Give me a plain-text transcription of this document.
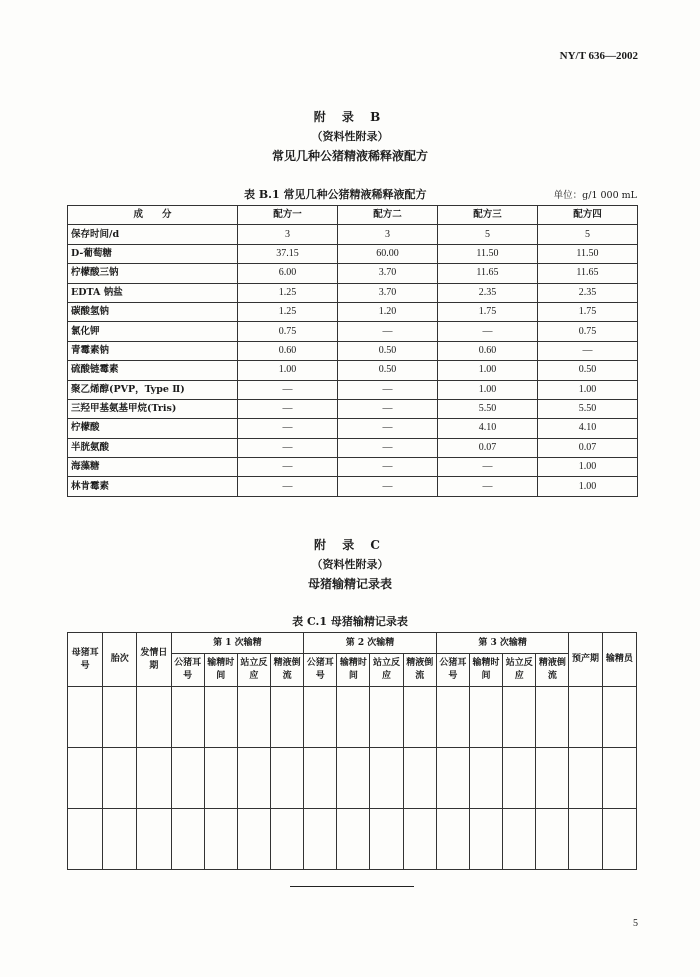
NY/T 636—2002
附 录 B
（资料性附录）
常见几种公猪精液稀释液配方
表 B.1 常见几种公猪精液稀释液配方	单位：g/1 000 mL
成　　分	配方一	配方二	配方三	配方四
保存时间/d	3	3	5	5
D-葡萄糖	37.15	60.00	11.50	11.50
柠檬酸三钠	6.00	3.70	11.65	11.65
EDTA 钠盐	1.25	3.70	2.35	2.35
碳酸氢钠	1.25	1.20	1.75	1.75
氯化钾	0.75	—	—	0.75
青霉素钠	0.60	0.50	0.60	—
硫酸链霉素	1.00	0.50	1.00	0.50
聚乙烯醇(PVP，Type Ⅱ)	—	—	1.00	1.00
三羟甲基氨基甲烷(Tris)	—	—	5.50	5.50
柠檬酸	—	—	4.10	4.10
半胱氨酸	—	—	0.07	0.07
海藻糖	—	—	—	1.00
林肯霉素	—	—	—	1.00
附 录 C
（资料性附录）
母猪输精记录表
表 C.1 母猪输精记录表
母猪耳号	胎次	发情日期	第 1 次输精				第 2 次输精				第 3 次输精				预产期	输精员
			公猪耳号	输精时间	站立反应	精液倒流	公猪耳号	输精时间	站立反应	精液倒流	公猪耳号	输精时间	站立反应	精液倒流		

5
